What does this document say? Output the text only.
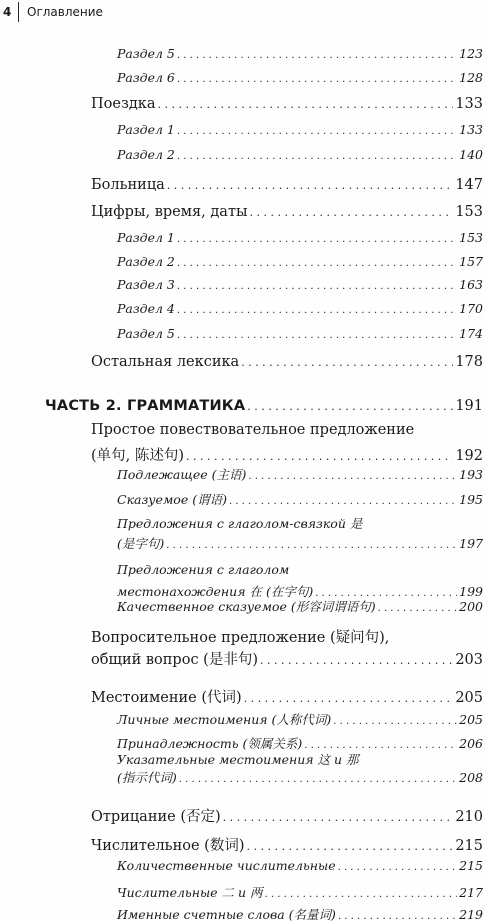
4 Оглавление
Раздел 5 . . .	123
Раздел 6 . . .	128
Поездка . . .	133
Раздел 1 . . .	133
Раздел 2 . . .	140
Больница . . .	147
Цифры, время, даты . . .	153
Раздел 1 . . .	153
Раздел 2 . . .	157
Раздел 3 . . .	163
Раздел 4 . . .	170
Раздел 5 . . .	174
Остальная лексика . . .	178
ЧАСТЬ 2. ГРАММАТИКА . . .	191
Простое повествовательное предложение
(单句, 陈述句) . . .	192
Подлежащее (主语) . . .	193
Сказуемое (谓语) . . .	195
Предложения с глаголом-связкой 是
(是字句) . . .	197
Предложения с глаголом
местонахождения 在 (在字句) . . .	199
Качественное сказуемое (形容词谓语句) . . .	200
Вопросительное предложение (疑问句),
общий вопрос (是非句) . . .	203
Местоимение (代词) . . .	205
Личные местоимения (人称代词) . . .	205
Принадлежность (领属关系) . . .	206
Указательные местоимения 这 и 那
(指示代词) . . .	208
Отрицание (否定) . . .	210
Числительное (数词) . . .	215
Количественные числительные . . .	215
Числительные 二 и 两 . . .	217
Именные счетные слова (名量词) . . .	219
